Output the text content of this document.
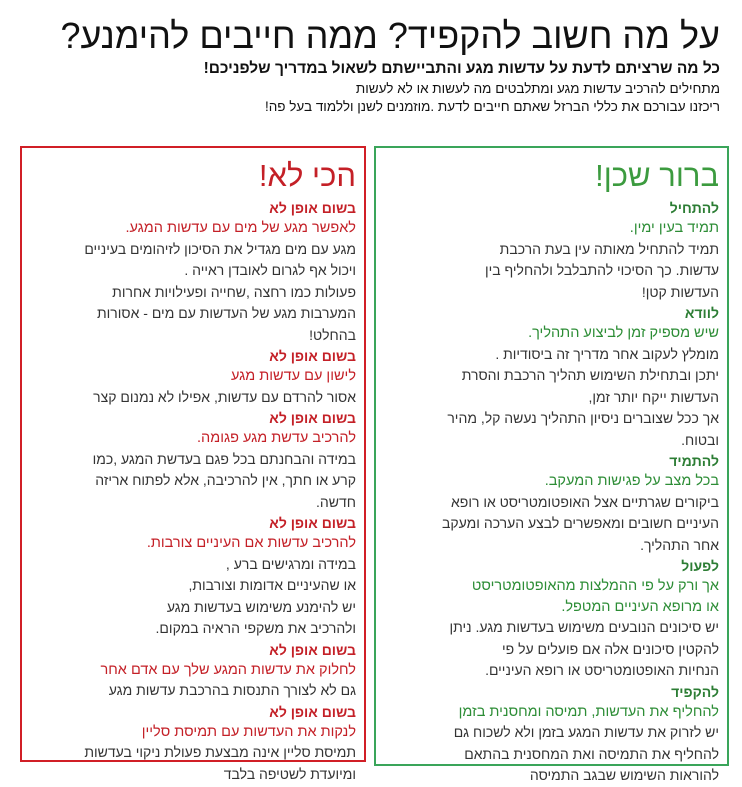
על מה חשוב להקפיד? ממה חייבים להימנע?

כל מה שרציתם לדעת על עדשות מגע והתביישתם לשאול במדריך שלפניכם!

מתחילים להרכיב עדשות מגע ומתלבטים מה לעשות או לא לעשות

ריכזנו עבורכם את כללי הברזל שאתם חייבים לדעת .מוזמנים לשנן וללמוד בעל פה!

ברור שכן!

להתחיל

תמיד בעין ימין.

תמיד להתחיל מאותה עין בעת הרכבת
עדשות. כך הסיכוי להתבלבל ולהחליף בין
העדשות קטן!

לוודא

שיש מספיק זמן לביצוע התהליך.

מומלץ לעקוב אחר מדריך זה ביסודיות .
יתכן ובתחילת השימוש תהליך הרכבת והסרת
העדשות ייקח יותר זמן,
אך ככל שצוברים ניסיון התהליך נעשה קל, מהיר
ובטוח.

להתמיד

בכל מצב על פגישות המעקב.

ביקורים שגרתיים אצל האופטומטריסט או רופא
העיניים חשובים ומאפשרים לבצע הערכה ומעקב
אחר התהליך.

לפעול

אך ורק על פי ההמלצות מהאופטומטריסט

או מרופא העיניים המטפל.

יש סיכונים הנובעים משימוש בעדשות מגע. ניתן
להקטין סיכונים אלה אם פועלים על פי
הנחיות האופטומטריסט או רופא העיניים.

להקפיד

להחליף את העדשות, תמיסה ומחסנית בזמן

יש לזרוק את עדשות המגע בזמן ולא לשכוח גם
להחליף את התמיסה ואת המחסנית בהתאם
להוראות השימוש שבגב התמיסה

הכי לא!

בשום אופן לא

לאפשר מגע של מים עם עדשות המגע.

מגע עם מים מגדיל את הסיכון לזיהומים בעיניים
ויכול אף לגרום לאובדן ראייה .
פעולות כמו רחצה ,שחייה ופעילויות אחרות
המערבות מגע של העדשות עם מים - אסורות
בהחלט!

בשום אופן לא

לישון עם עדשות מגע

אסור להרדם עם עדשות, אפילו לא נמנום קצר

בשום אופן לא

להרכיב עדשת מגע פגומה.

במידה והבחנתם בכל פגם בעדשת המגע ,כמו
קרע או חתך, אין להרכיבה, אלא לפתוח אריזה
חדשה.

בשום אופן לא

להרכיב עדשות אם העיניים צורבות.

במידה ומרגישים ברע ,
או שהעיניים אדומות וצורבות,
יש להימנע משימוש בעדשות מגע
ולהרכיב את משקפי הראיה במקום.

בשום אופן לא

לחלוק את עדשות המגע שלך עם אדם אחר

גם לא לצורך התנסות בהרכבת עדשות מגע

בשום אופן לא

לנקות את העדשות עם תמיסת סליין

תמיסת סליין אינה מבצעת פעולת ניקוי בעדשות
ומיועדת לשטיפה בלבד
